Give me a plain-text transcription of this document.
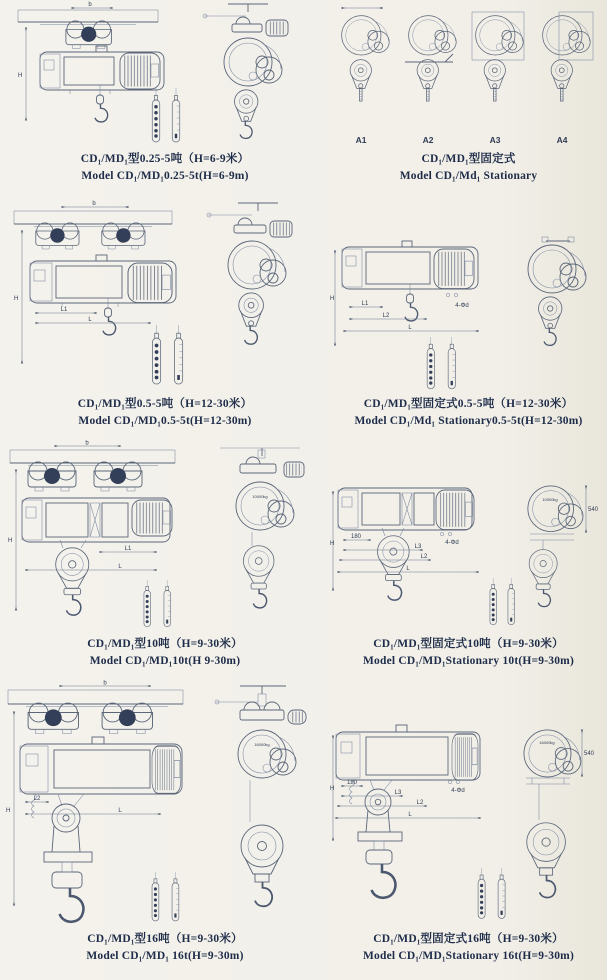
b
H
CD₁/MD₁型0.25-5吨（H=6-9米）
Model CD₁/MD₁0.25-5t(H=6-9m)
A1	A2	A3	A4
CD₁/MD₁型固定式
Model CD₁/Md₁ Stationary
b
H
L1
L
CD₁/MD₁型0.5-5吨（H=12-30米）
Model CD₁/MD₁0.5-5t(H=12-30m)
L1
L2
L
4-Φd
H
CD₁/MD₁型固定式0.5-5吨（H=12-30米）
Model CD₁/Md₁ Stationary0.5-5t(H=12-30m)
b
H
L1
L
10000kg
CD₁/MD₁型10吨（H=9-30米）
Model CD₁/MD₁10t(H 9-30m)
180
L3
L2
L
4-Φd
H
10000kg
540
CD₁/MD₁型固定式10吨（H=9-30米）
Model CD₁/MD₁Stationary 10t(H=9-30m)
b
H
L2
L
16000kg
CD₁/MD₁型16吨（H=9-30米）
Model CD₁/MD₁ 16t(H=9-30m)
180
L3
L2
L
4-Φd
H
16000kg
540
CD₁/MD₁型固定式16吨（H=9-30米）
Model CD₁/MD₁Stationary 16t(H=9-30m)
